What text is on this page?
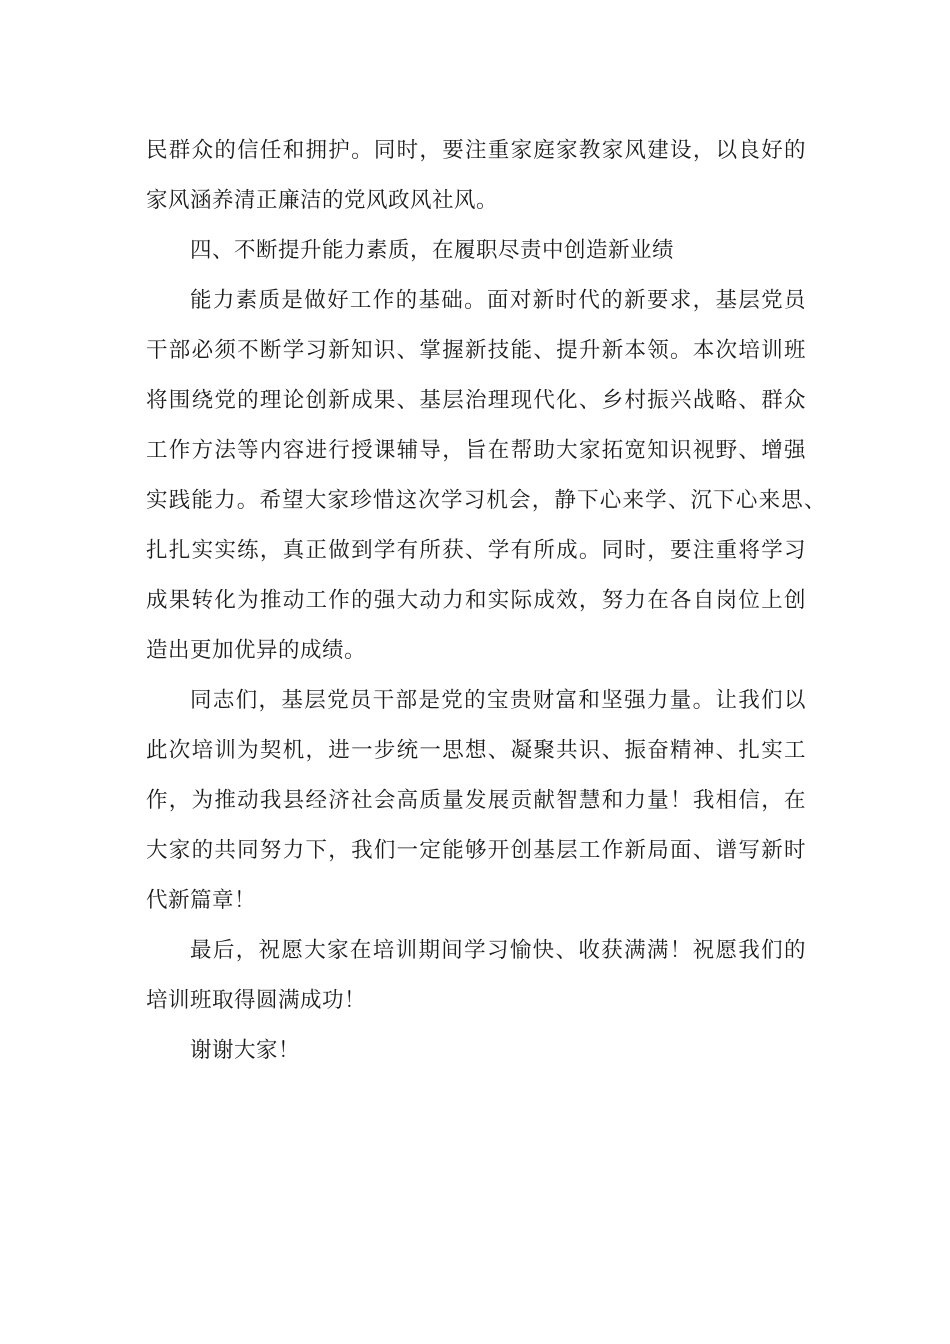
民群众的信任和拥护。同时，要注重家庭家教家风建设，以良好的
家风涵养清正廉洁的党风政风社风。
四、不断提升能力素质，在履职尽责中创造新业绩
能力素质是做好工作的基础。面对新时代的新要求，基层党员
干部必须不断学习新知识、掌握新技能、提升新本领。本次培训班
将围绕党的理论创新成果、基层治理现代化、乡村振兴战略、群众
工作方法等内容进行授课辅导，旨在帮助大家拓宽知识视野、增强
实践能力。希望大家珍惜这次学习机会，静下心来学、沉下心来思、
扎扎实实练，真正做到学有所获、学有所成。同时，要注重将学习
成果转化为推动工作的强大动力和实际成效，努力在各自岗位上创
造出更加优异的成绩。
同志们，基层党员干部是党的宝贵财富和坚强力量。让我们以
此次培训为契机，进一步统一思想、凝聚共识、振奋精神、扎实工
作，为推动我县经济社会高质量发展贡献智慧和力量！我相信，在
大家的共同努力下，我们一定能够开创基层工作新局面、谱写新时
代新篇章！
最后，祝愿大家在培训期间学习愉快、收获满满！祝愿我们的
培训班取得圆满成功！
谢谢大家！
